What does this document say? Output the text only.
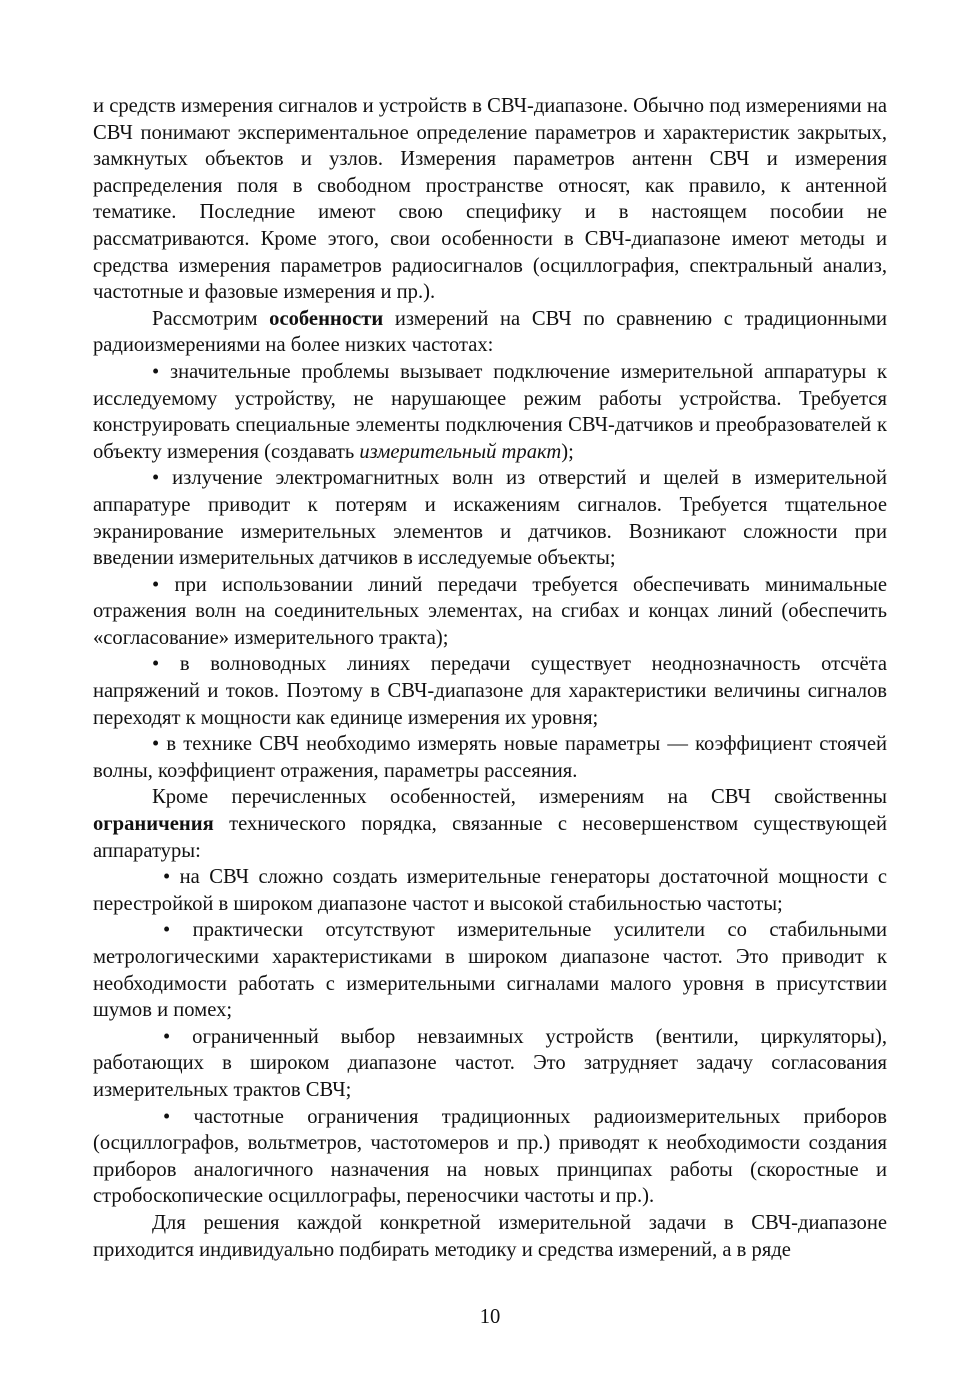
и средств измерения сигналов и устройств в СВЧ-диапазоне. Обычно под измерениями на СВЧ понимают экспериментальное определение параметров и характеристик закрытых, замкнутых объектов и узлов. Измерения параметров антенн СВЧ и измерения распределения поля в свободном пространстве относят, как правило, к антенной тематике. Последние имеют свою специфику и в настоящем пособии не рассматриваются. Кроме этого, свои особенности в СВЧ-диапазоне имеют методы и средства измерения параметров радиосигналов (осциллография, спектральный анализ, частотные и фазовые измерения и пр.).

Рассмотрим особенности измерений на СВЧ по сравнению с традиционными радиоизмерениями на более низких частотах:

• значительные проблемы вызывает подключение измерительной аппаратуры к исследуемому устройству, не нарушающее режим работы устройства. Требуется конструировать специальные элементы подключения СВЧ-датчиков и преобразователей к объекту измерения (создавать измерительный тракт);

• излучение электромагнитных волн из отверстий и щелей в измерительной аппаратуре приводит к потерям и искажениям сигналов. Требуется тщательное экранирование измерительных элементов и датчиков. Возникают сложности при введении измерительных датчиков в исследуемые объекты;

• при использовании линий передачи требуется обеспечивать минимальные отражения волн на соединительных элементах, на сгибах и концах линий (обеспечить «согласование» измерительного тракта);

• в волноводных линиях передачи существует неоднозначность отсчёта напряжений и токов. Поэтому в СВЧ-диапазоне для характеристики величины сигналов переходят к мощности как единице измерения их уровня;

• в технике СВЧ необходимо измерять новые параметры — коэффициент стоячей волны, коэффициент отражения, параметры рассеяния.

Кроме перечисленных особенностей, измерениям на СВЧ свойственны ограничения технического порядка, связанные с несовершенством существующей аппаратуры:

• на СВЧ сложно создать измерительные генераторы достаточной мощности с перестройкой в широком диапазоне частот и высокой стабильностью частоты;

• практически отсутствуют измерительные усилители со стабильными метрологическими характеристиками в широком диапазоне частот. Это приводит к необходимости работать с измерительными сигналами малого уровня в присутствии шумов и помех;

• ограниченный выбор невзаимных устройств (вентили, циркуляторы), работающих в широком диапазоне частот. Это затрудняет задачу согласования измерительных трактов СВЧ;

• частотные ограничения традиционных радиоизмерительных приборов (осциллографов, вольтметров, частотомеров и пр.) приводят к необходимости создания приборов аналогичного назначения на новых принципах работы (скоростные и стробоскопические осциллографы, переносчики частоты и пр.).

Для решения каждой конкретной измерительной задачи в СВЧ-диапазоне приходится индивидуально подбирать методику и средства измерений, а в ряде

10
